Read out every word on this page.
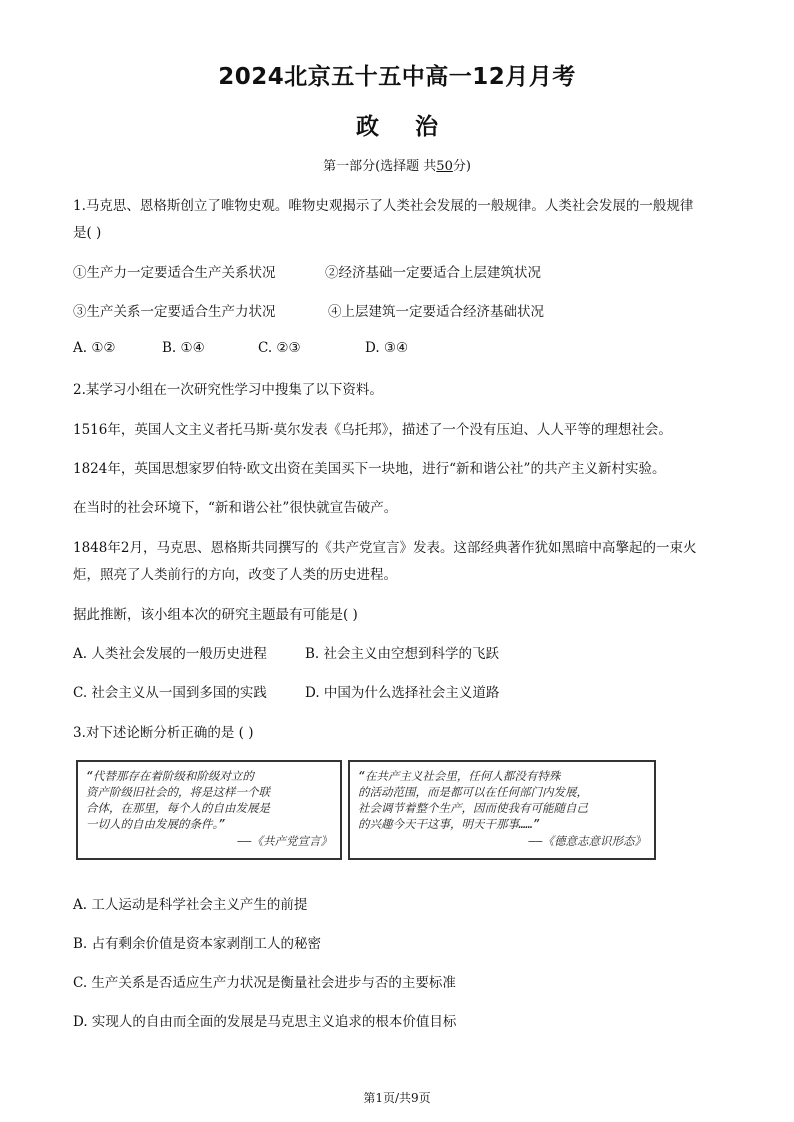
2024北京五十五中高一12月月考
政治
第一部分(选择题 共50分)
1.马克思、恩格斯创立了唯物史观。唯物史观揭示了人类社会发展的一般规律。人类社会发展的一般规律
是( )
①生产力一定要适合生产关系状况	②经济基础一定要适合上层建筑状况
③生产关系一定要适合生产力状况	④上层建筑一定要适合经济基础状况
A. ①②	B. ①④	C. ②③	D. ③④
2.某学习小组在一次研究性学习中搜集了以下资料。
1516年，英国人文主义者托马斯·莫尔发表《乌托邦》，描述了一个没有压迫、人人平等的理想社会。
1824年，英国思想家罗伯特·欧文出资在美国买下一块地，进行“新和谐公社”的共产主义新村实验。
在当时的社会环境下，“新和谐公社”很快就宣告破产。
1848年2月，马克思、恩格斯共同撰写的《共产党宣言》发表。这部经典著作犹如黑暗中高擎起的一束火
炬，照亮了人类前行的方向，改变了人类的历史进程。
据此推断，该小组本次的研究主题最有可能是( )
A. 人类社会发展的一般历史进程	B. 社会主义由空想到科学的飞跃
C. 社会主义从一国到多国的实践	D. 中国为什么选择社会主义道路
3.对下述论断分析正确的是 ( )
“代替那存在着阶级和阶级对立的
资产阶级旧社会的，将是这样一个联
合体，在那里，每个人的自由发展是
一切人的自由发展的条件。”
——《共产党宣言》
“在共产主义社会里，任何人都没有特殊
的活动范围，而是都可以在任何部门内发展，
社会调节着整个生产，因而使我有可能随自己
的兴趣今天干这事，明天干那事……”
——《德意志意识形态》
A. 工人运动是科学社会主义产生的前提
B. 占有剩余价值是资本家剥削工人的秘密
C. 生产关系是否适应生产力状况是衡量社会进步与否的主要标准
D. 实现人的自由而全面的发展是马克思主义追求的根本价值目标
第1页/共9页
